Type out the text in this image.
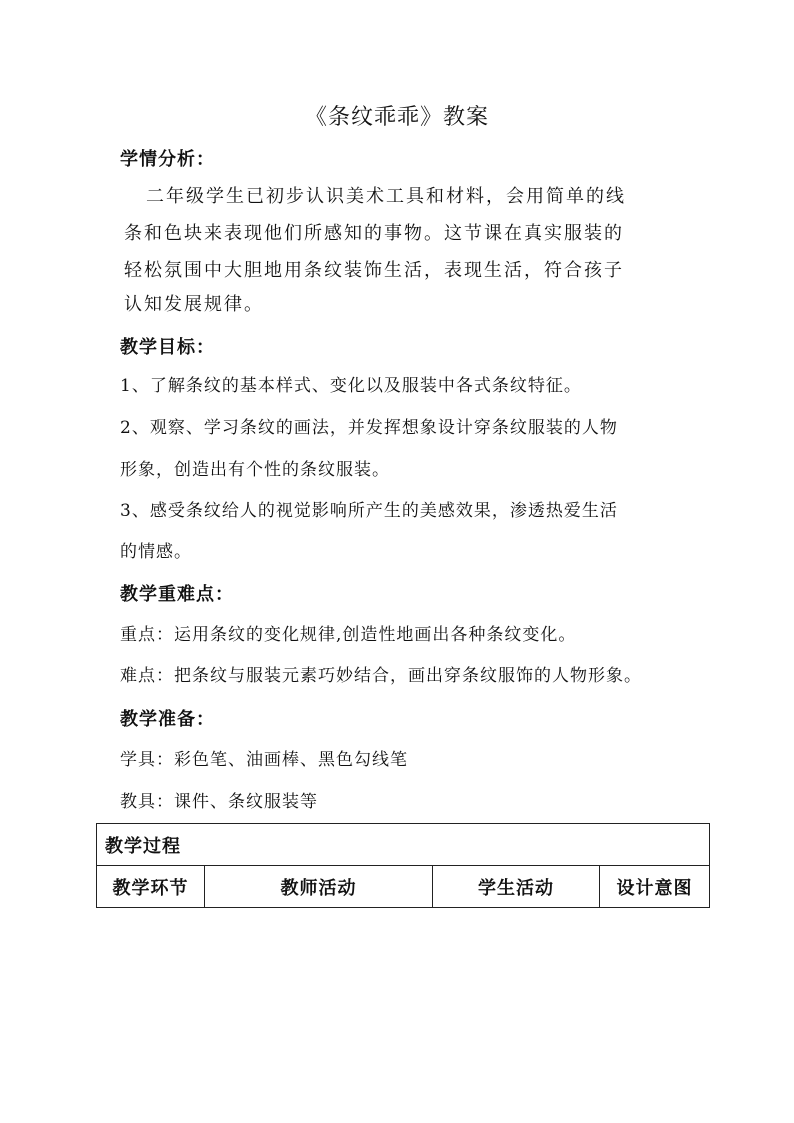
《条纹乖乖》教案
学情分析：
二年级学生已初步认识美术工具和材料，会用简单的线
条和色块来表现他们所感知的事物。这节课在真实服装的
轻松氛围中大胆地用条纹装饰生活，表现生活，符合孩子
认知发展规律。
教学目标：
1、了解条纹的基本样式、变化以及服装中各式条纹特征。
2、观察、学习条纹的画法，并发挥想象设计穿条纹服装的人物
形象，创造出有个性的条纹服装。
3、感受条纹给人的视觉影响所产生的美感效果，渗透热爱生活
的情感。
教学重难点：
重点：运用条纹的变化规律,创造性地画出各种条纹变化。
难点：把条纹与服装元素巧妙结合，画出穿条纹服饰的人物形象。
教学准备：
学具：彩色笔、油画棒、黑色勾线笔
教具：课件、条纹服装等
教学过程
教学环节	教师活动	学生活动	设计意图
